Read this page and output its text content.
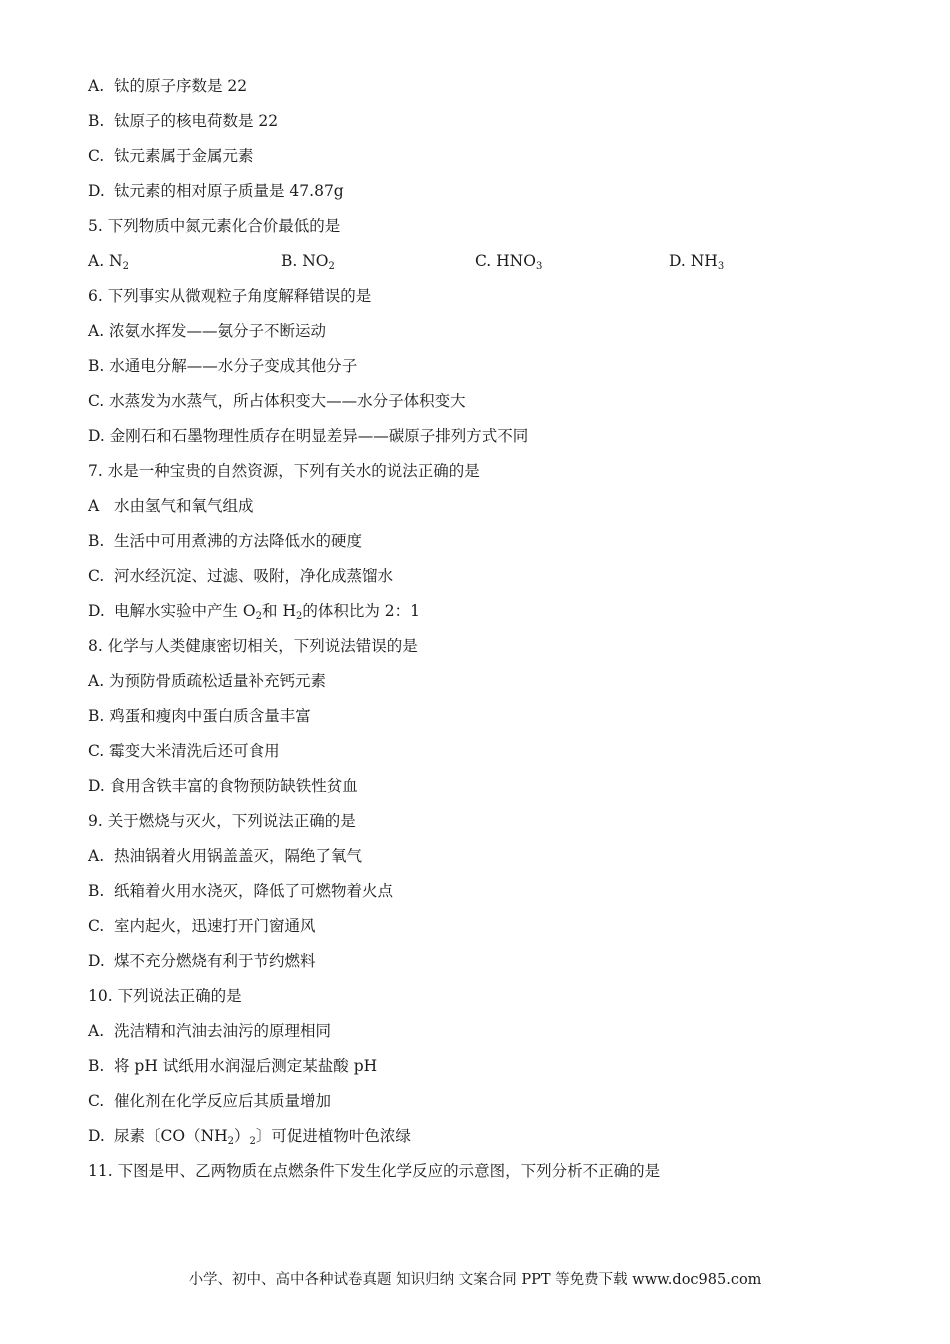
A. 钛的原子序数是 22
B. 钛原子的核电荷数是 22
C. 钛元素属于金属元素
D. 钛元素的相对原子质量是 47.87g
5. 下列物质中氮元素化合价最低的是
A. $N_2$	B. $NO_2$	C. $HNO_3$	D. $NH_3$
6. 下列事实从微观粒子角度解释错误的是
A. 浓氨水挥发——氨分子不断运动
B. 水通电分解——水分子变成其他分子
C. 水蒸发为水蒸气，所占体积变大——水分子体积变大
D. 金刚石和石墨物理性质存在明显差异——碳原子排列方式不同
7. 水是一种宝贵的自然资源，下列有关水的说法正确的是
A 水由氢气和氧气组成
B. 生活中可用煮沸的方法降低水的硬度
C. 河水经沉淀、过滤、吸附，净化成蒸馏水
D. 电解水实验中产生 $O_2$和 $H_2$的体积比为 2：1
8. 化学与人类健康密切相关，下列说法错误的是
A. 为预防骨质疏松适量补充钙元素
B. 鸡蛋和瘦肉中蛋白质含量丰富
C. 霉变大米清洗后还可食用
D. 食用含铁丰富的食物预防缺铁性贫血
9. 关于燃烧与灭火，下列说法正确的是
A. 热油锅着火用锅盖盖灭，隔绝了氧气
B. 纸箱着火用水浇灭，降低了可燃物着火点
C. 室内起火，迅速打开门窗通风
D. 煤不充分燃烧有利于节约燃料
10. 下列说法正确的是
A. 洗洁精和汽油去油污的原理相同
B. 将 pH 试纸用水润湿后测定某盐酸 pH
C. 催化剂在化学反应后其质量增加
D. 尿素〔$CO(NH_2)_2$〕可促进植物叶色浓绿
11. 下图是甲、乙两物质在点燃条件下发生化学反应的示意图，下列分析不正确的是
小学、初中、高中各种试卷真题 知识归纳 文案合同 PPT 等免费下载 www.doc985.com
